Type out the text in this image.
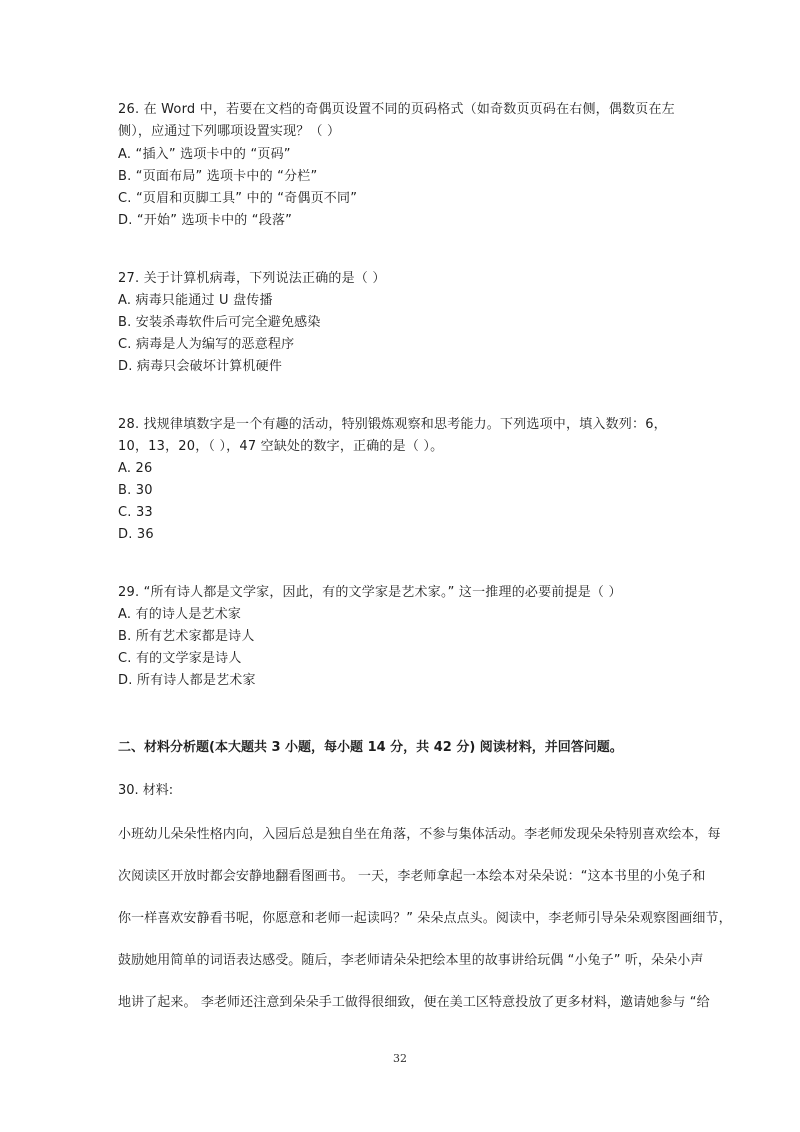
26. 在 Word 中，若要在文档的奇偶页设置不同的页码格式（如奇数页页码在右侧，偶数页在左

侧），应通过下列哪项设置实现？（ ）

A. “插入” 选项卡中的 “页码”

B. “页面布局” 选项卡中的 “分栏”

C. “页眉和页脚工具” 中的 “奇偶页不同”

D. “开始” 选项卡中的 “段落”

27. 关于计算机病毒，下列说法正确的是（ ）

A. 病毒只能通过 U 盘传播

B. 安装杀毒软件后可完全避免感染

C. 病毒是人为编写的恶意程序

D. 病毒只会破坏计算机硬件

28. 找规律填数字是一个有趣的活动，特别锻炼观察和思考能力。下列选项中，填入数列：6，

10，13，20，（ ），47 空缺处的数字，正确的是（ ）。

A. 26

B. 30

C. 33

D. 36

29. “所有诗人都是文学家，因此，有的文学家是艺术家。” 这一推理的必要前提是（ ）

A. 有的诗人是艺术家

B. 所有艺术家都是诗人

C. 有的文学家是诗人

D. 所有诗人都是艺术家

二、材料分析题(本大题共 3 小题，每小题 14 分，共 42 分) 阅读材料，并回答问题。

30. 材料:

小班幼儿朵朵性格内向，入园后总是独自坐在角落，不参与集体活动。李老师发现朵朵特别喜欢绘本，每

次阅读区开放时都会安静地翻看图画书。 一天，李老师拿起一本绘本对朵朵说：“这本书里的小兔子和

你一样喜欢安静看书呢，你愿意和老师一起读吗？” 朵朵点点头。阅读中，李老师引导朵朵观察图画细节，

鼓励她用简单的词语表达感受。随后，李老师请朵朵把绘本里的故事讲给玩偶 “小兔子” 听，朵朵小声

地讲了起来。 李老师还注意到朵朵手工做得很细致，便在美工区特意投放了更多材料，邀请她参与 “给

32
